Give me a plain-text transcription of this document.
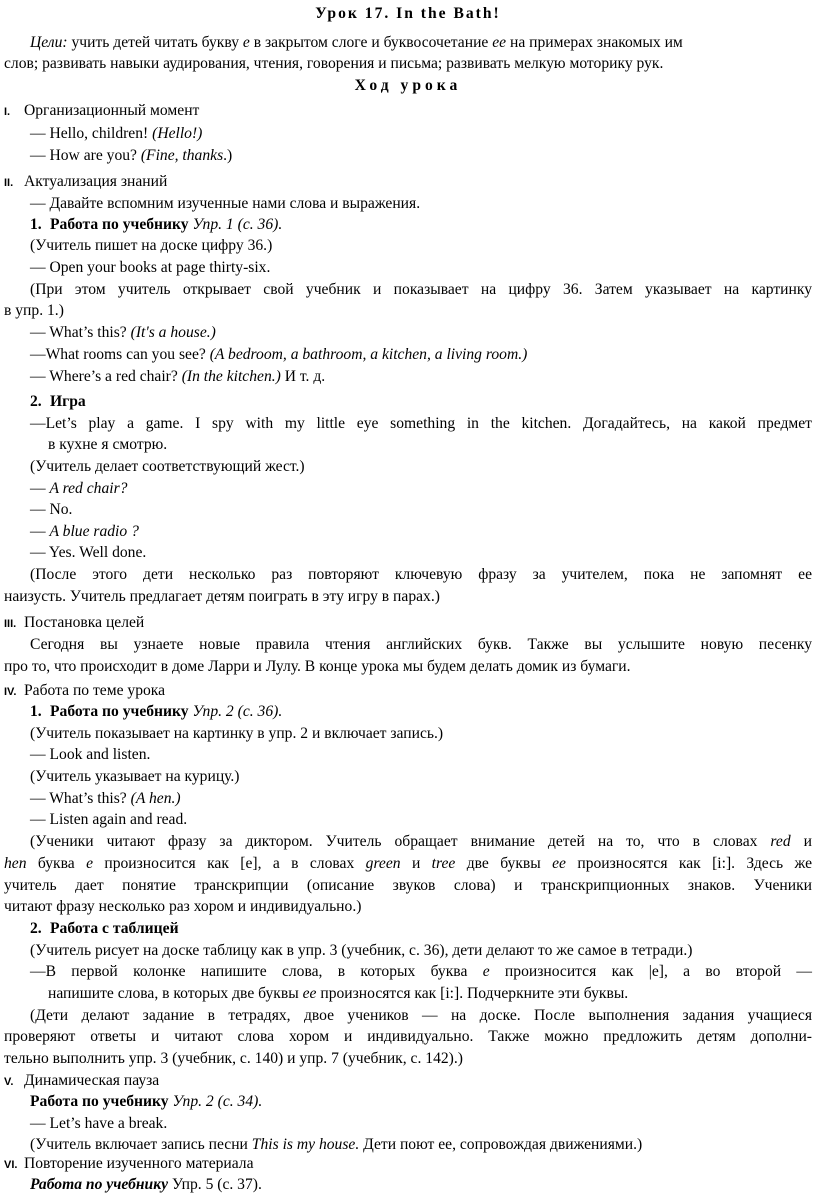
Урок 17. In the Bath!
Цели: учить детей читать букву е в закрытом слоге и буквосочетание ее на примерах знакомых им
слов; развивать навыки аудирования, чтения, говорения и письма; развивать мелкую моторику рук.
Ход урока
I. Организационный момент
— Hello, children! (Hello!)
— How are you? (Fine, thanks.)
II. Актуализация знаний
— Давайте вспомним изученные нами слова и выражения.
1. Работа по учебнику Упр. 1 (с. 36).
(Учитель пишет на доске цифру 36.)
— Open your books at page thirty-six.
(При этом учитель открывает свой учебник и показывает на цифру 36. Затем указывает на картинку
в упр. 1.)
— What’s this? (It's a house.)
—What rooms can you see? (A bedroom, a bathroom, a kitchen, a living room.)
— Where’s a red chair? (In the kitchen.) И т. д.
2. Игра
—Let’s play a game. I spy with my little eye something in the kitchen. Догадайтесь, на какой предмет
в кухне я смотрю.
(Учитель делает соответствующий жест.)
— A red chair?
— No.
— A blue radio ?
— Yes. Well done.
(После этого дети несколько раз повторяют ключевую фразу за учителем, пока не запомнят ее
наизусть. Учитель предлагает детям поиграть в эту игру в парах.)
III. Постановка целей
Сегодня вы узнаете новые правила чтения английских букв. Также вы услышите новую песенку
про то, что происходит в доме Ларри и Лулу. В конце урока мы будем делать домик из бумаги.
IV. Работа по теме урока
1. Работа по учебнику Упр. 2 (с. 36).
(Учитель показывает на картинку в упр. 2 и включает запись.)
— Look and listen.
(Учитель указывает на курицу.)
— What’s this? (A hen.)
— Listen again and read.
(Ученики читают фразу за диктором. Учитель обращает внимание детей на то, что в словах red и
hen буква е произносится как [e], а в словах green и tree две буквы ее произносятся как [i:]. Здесь же
учитель дает понятие транскрипции (описание звуков слова) и транскрипционных знаков. Ученики
читают фразу несколько раз хором и индивидуально.)
2. Работа с таблицей
(Учитель рисует на доске таблицу как в упр. 3 (учебник, с. 36), дети делают то же самое в тетради.)
—В первой колонке напишите слова, в которых буква е произносится как |e], а во второй —
напишите слова, в которых две буквы ее произносятся как [i:]. Подчеркните эти буквы.
(Дети делают задание в тетрадях, двое учеников — на доске. После выполнения задания учащиеся
проверяют ответы и читают слова хором и индивидуально. Также можно предложить детям дополни-
тельно выполнить упр. 3 (учебник, с. 140) и упр. 7 (учебник, с. 142).)
V. Динамическая пауза
Работа по учебнику Упр. 2 (с. 34).
— Let’s have a break.
(Учитель включает запись песни This is my house. Дети поют ее, сопровождая движениями.)
VI. Повторение изученного материала
Работа по учебнику Упр. 5 (с. 37).
